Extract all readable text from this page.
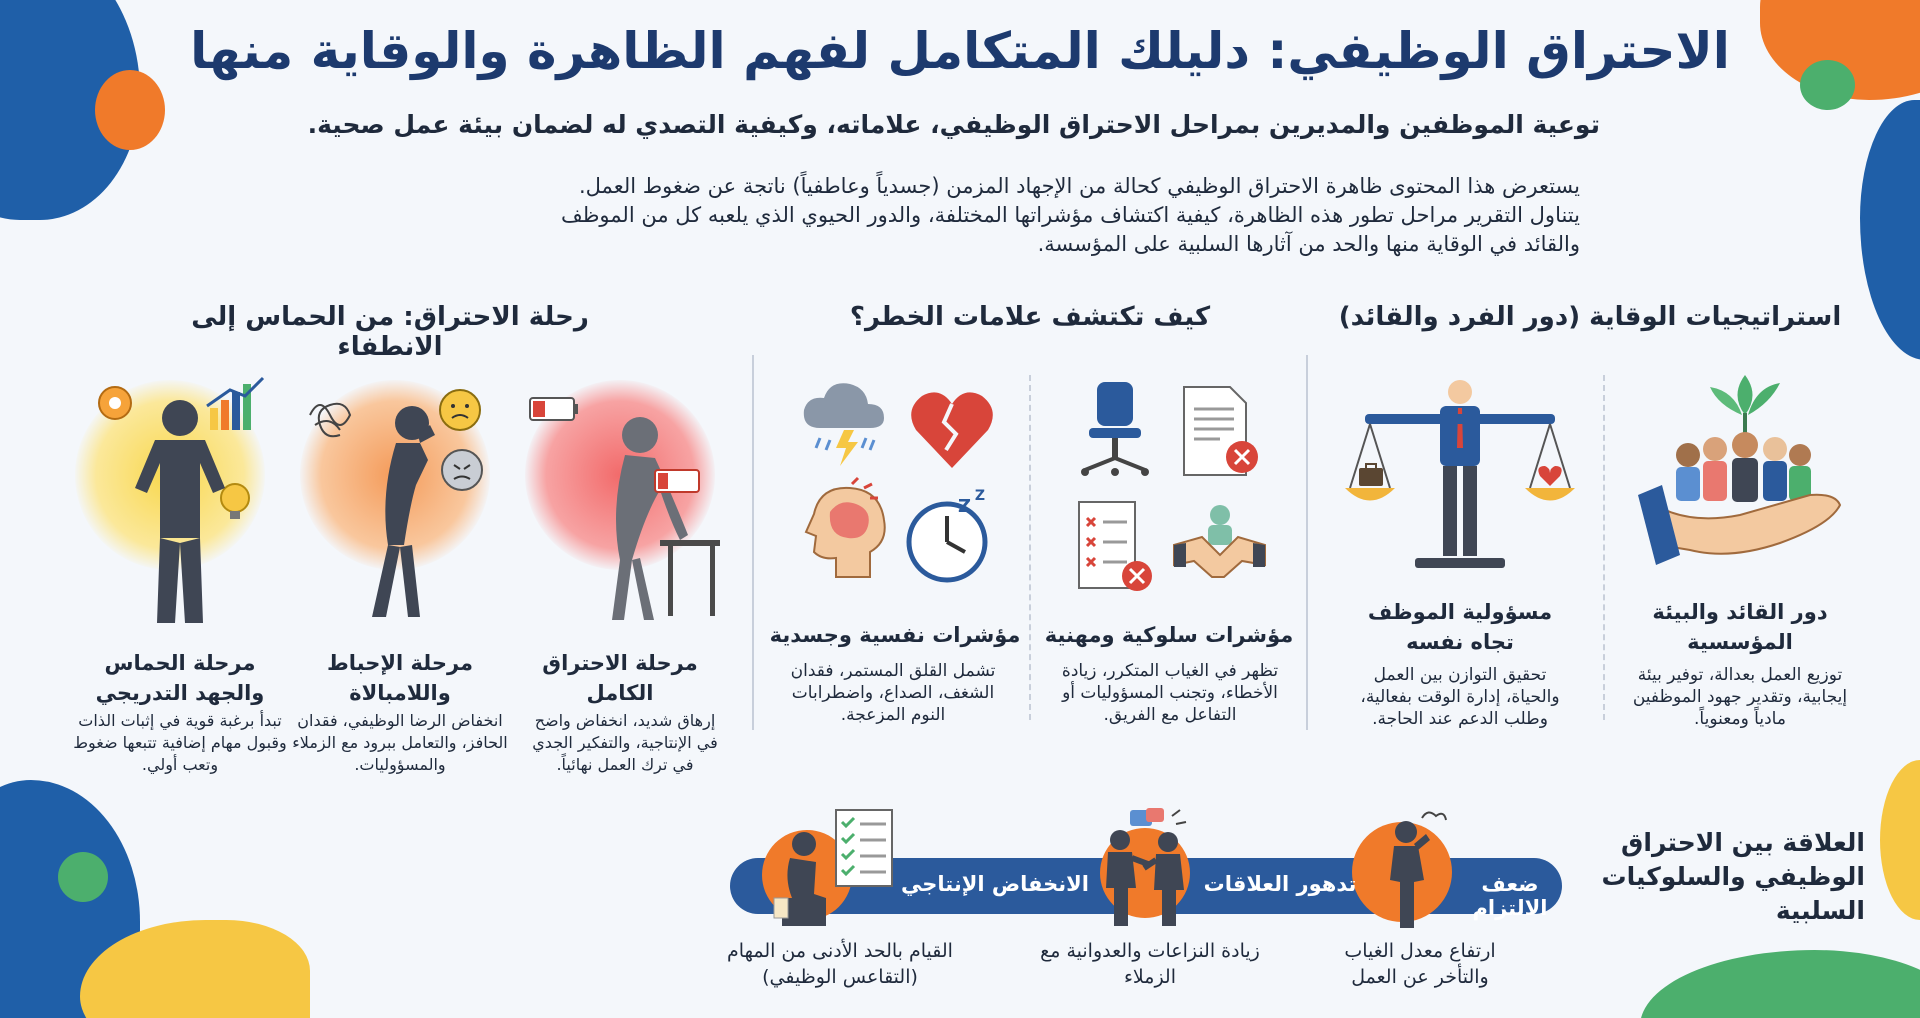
الاحتراق الوظيفي: دليلك المتكامل لفهم الظاهرة والوقاية منها
توعية الموظفين والمديرين بمراحل الاحتراق الوظيفي، علاماته، وكيفية التصدي له لضمان بيئة عمل صحية.
يستعرض هذا المحتوى ظاهرة الاحتراق الوظيفي كحالة من الإجهاد المزمن (جسدياً وعاطفياً) ناتجة عن ضغوط العمل.
يتناول التقرير مراحل تطور هذه الظاهرة، كيفية اكتشاف مؤشراتها المختلفة، والدور الحيوي الذي يلعبه كل من الموظف
والقائد في الوقاية منها والحد من آثارها السلبية على المؤسسة.
رحلة الاحتراق: من الحماس إلى الانطفاء
كيف تكتشف علامات الخطر؟	استراتيجيات الوقاية (دور الفرد والقائد)
مرحلة الاحتراق الكامل
إرهاق شديد، انخفاض واضح في الإنتاجية، والتفكير الجدي في ترك العمل نهائياً.
مرحلة الإحباط واللامبالاة
انخفاض الرضا الوظيفي، فقدان الحافز، والتعامل ببرود مع الزملاء والمسؤوليات.
مرحلة الحماس والجهد التدريجي
تبدأ برغبة قوية في إثبات الذات وقبول مهام إضافية تتبعها ضغوط وتعب أولي.
Z Z
مؤشرات سلوكية ومهنية
تظهر في الغياب المتكرر، زيادة الأخطاء، وتجنب المسؤوليات أو التفاعل مع الفريق.
مؤشرات نفسية وجسدية
تشمل القلق المستمر، فقدان الشغف، الصداع، واضطرابات النوم المزعجة.
مسؤولية الموظف تجاه نفسه
تحقيق التوازن بين العمل والحياة، إدارة الوقت بفعالية، وطلب الدعم عند الحاجة.
دور القائد والبيئة المؤسسية
توزيع العمل بعدالة، توفير بيئة إيجابية، وتقدير جهود الموظفين مادياً ومعنوياً.
العلاقة بين الاحتراق الوظيفي والسلوكيات السلبية
ضعف الالتزام
تدهور العلاقات
الانخفاض الإنتاجي
ارتفاع معدل الغياب والتأخر عن العمل
زيادة النزاعات والعدوانية مع الزملاء
القيام بالحد الأدنى من المهام (التقاعس الوظيفي)
